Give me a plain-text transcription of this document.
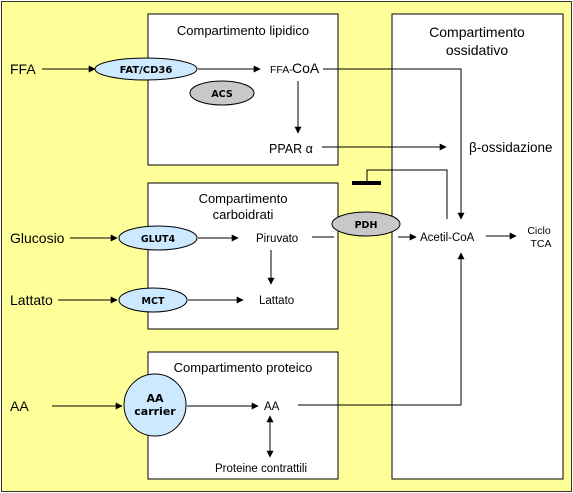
Compartimento lipidico
Compartimento
carboidrati
Compartimento proteico
Compartimento
ossidativo
FFA
Glucosio
Lattato
AA
FAT/CD36
ACS
GLUT4
MCT
AA
carrier
PDH
FFA- CoA
PPAR α	β-ossidazione
Piruvato
Lattato
Acetil-CoA
Ciclo
TCA
AA
Proteine contrattili
